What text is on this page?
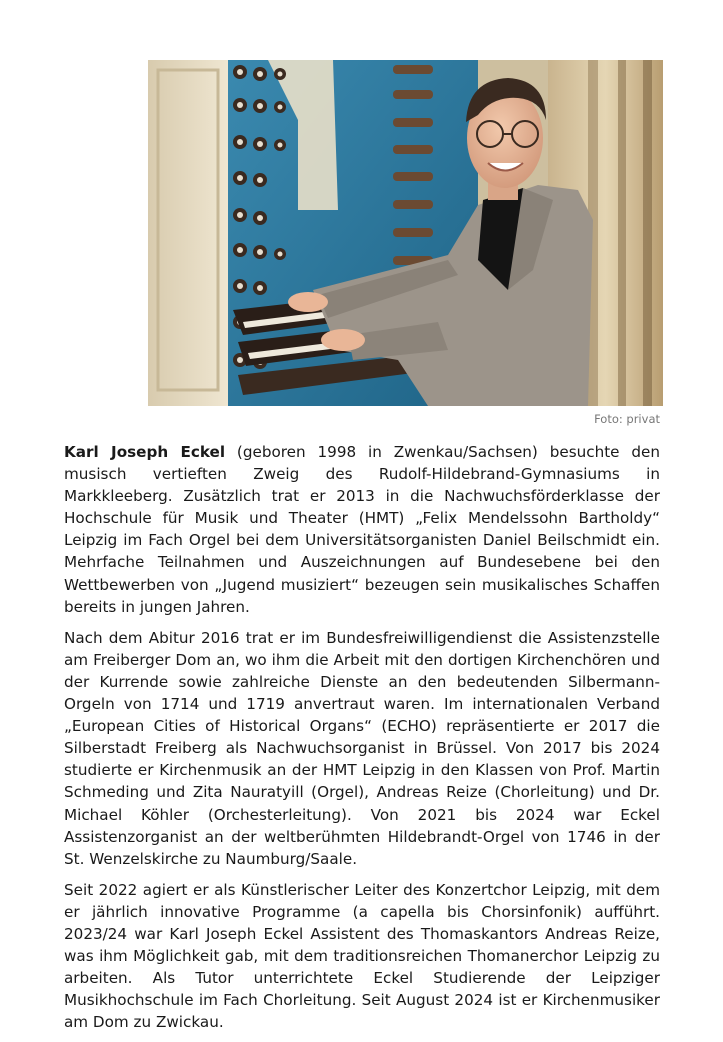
Foto: privat

Karl Joseph Eckel (geboren 1998 in Zwenkau/Sachsen) besuchte den musisch vertieften Zweig des Rudolf-Hildebrand-Gymnasiums in Markkleeberg. Zusätzlich trat er 2013 in die Nachwuchsförderklasse der Hochschule für Musik und Theater (HMT) „Felix Mendelssohn Bartholdy“ Leipzig im Fach Orgel bei dem Universitätsorganisten Daniel Beilschmidt ein. Mehrfache Teilnahmen und Auszeichnungen auf Bundesebene bei den Wettbewerben von „Jugend musiziert“ bezeugen sein musikalisches Schaffen bereits in jungen Jahren.

Nach dem Abitur 2016 trat er im Bundesfreiwilligendienst die Assistenzstelle am Freiberger Dom an, wo ihm die Arbeit mit den dortigen Kirchenchören und der Kurrende sowie zahlreiche Dienste an den bedeutenden Silbermann-Orgeln von 1714 und 1719 anvertraut waren. Im internationalen Verband „European Cities of Historical Organs“ (ECHO) repräsentierte er 2017 die Silberstadt Freiberg als Nachwuchsorganist in Brüssel. Von 2017 bis 2024 studierte er Kirchenmusik an der HMT Leipzig in den Klassen von Prof. Martin Schmeding und Zita Nauratyill (Orgel), Andreas Reize (Chorleitung) und Dr. Michael Köhler (Orchesterleitung). Von 2021 bis 2024 war Eckel Assistenzorganist an der weltberühmten Hildebrandt-Orgel von 1746 in der St. Wenzelskirche zu Naumburg/Saale.

Seit 2022 agiert er als Künstlerischer Leiter des Konzertchor Leipzig, mit dem er jährlich innovative Programme (a capella bis Chorsinfonik) aufführt. 2023/24 war Karl Joseph Eckel Assistent des Thomaskantors Andreas Reize, was ihm Möglichkeit gab, mit dem traditionsreichen Thomanerchor Leipzig zu arbeiten. Als Tutor unterrichtete Eckel Studierende der Leipziger Musikhochschule im Fach Chorleitung. Seit August 2024 ist er Kirchenmusiker am Dom zu Zwickau.
